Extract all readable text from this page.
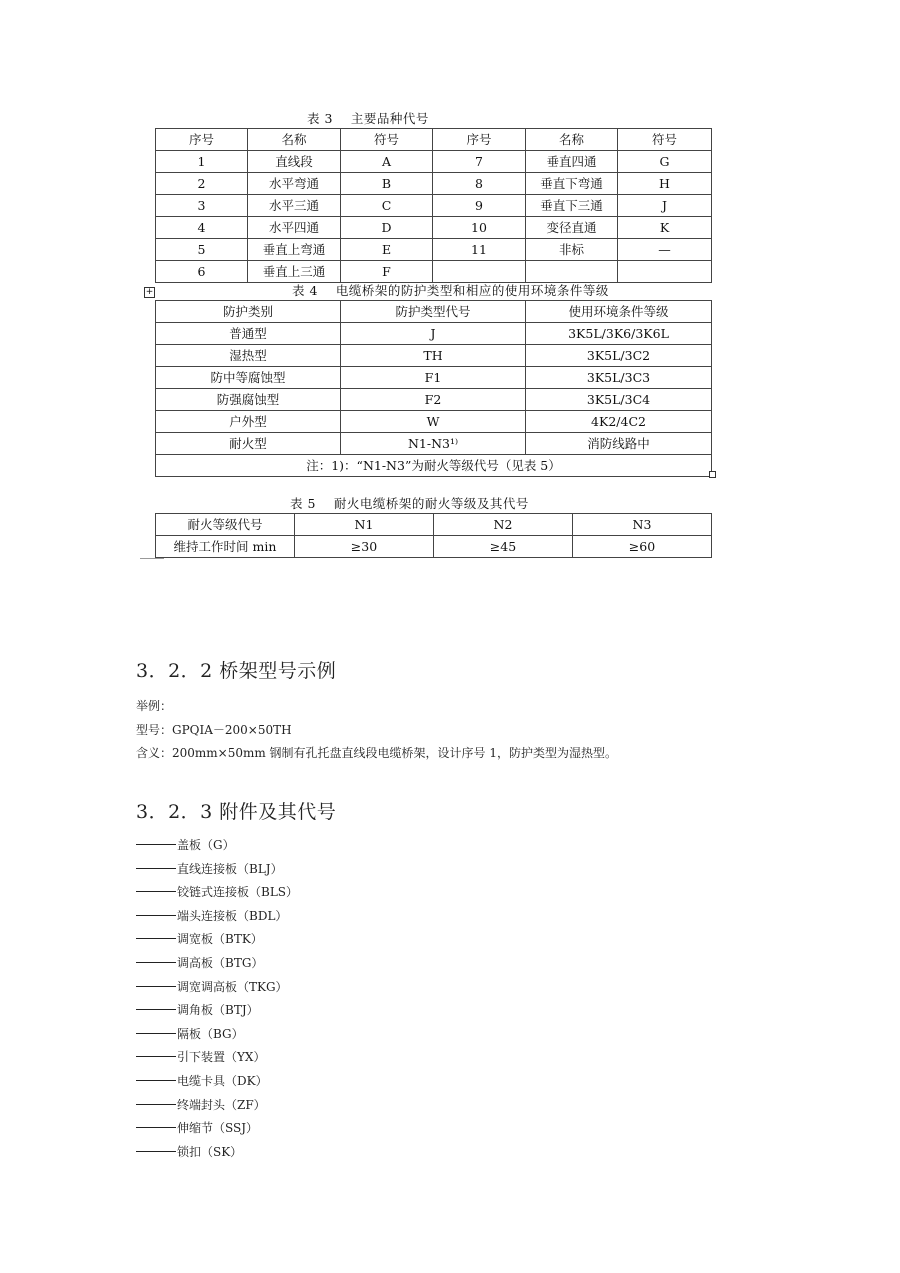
表 3    主要品种代号
序号	名称	符号	序号	名称	符号
1	直线段	A	7	垂直四通	G
2	水平弯通	B	8	垂直下弯通	H
3	水平三通	C	9	垂直下三通	J
4	水平四通	D	10	变径直通	K
5	垂直上弯通	E	11	非标	—
6	垂直上三通	F			
+	表 4    电缆桥架的防护类型和相应的使用环境条件等级
防护类别	防护类型代号	使用环境条件等级
普通型	J	3K5L/3K6/3K6L
湿热型	TH	3K5L/3C2
防中等腐蚀型	F1	3K5L/3C3
防强腐蚀型	F2	3K5L/3C4
户外型	W	4K2/4C2
耐火型	N1-N3¹⁾	消防线路中
注：1)：“N1-N3”为耐火等级代号（见表 5）		
表 5    耐火电缆桥架的耐火等级及其代号
耐火等级代号	N1	N2	N3
维持工作时间 min	≥30	≥45	≥60
3．2．2 桥架型号示例
举例：
型号：GPQIA－200×50TH
含义：200mm×50mm 钢制有孔托盘直线段电缆桥架，设计序号 1，防护类型为湿热型。
3．2．3 附件及其代号
盖板（G）
直线连接板（BLJ）
铰链式连接板（BLS）
端头连接板（BDL）
调宽板（BTK）
调高板（BTG）
调宽调高板（TKG）
调角板（BTJ）
隔板（BG）
引下装置（YX）
电缆卡具（DK）
终端封头（ZF）
伸缩节（SSJ）
锁扣（SK）
